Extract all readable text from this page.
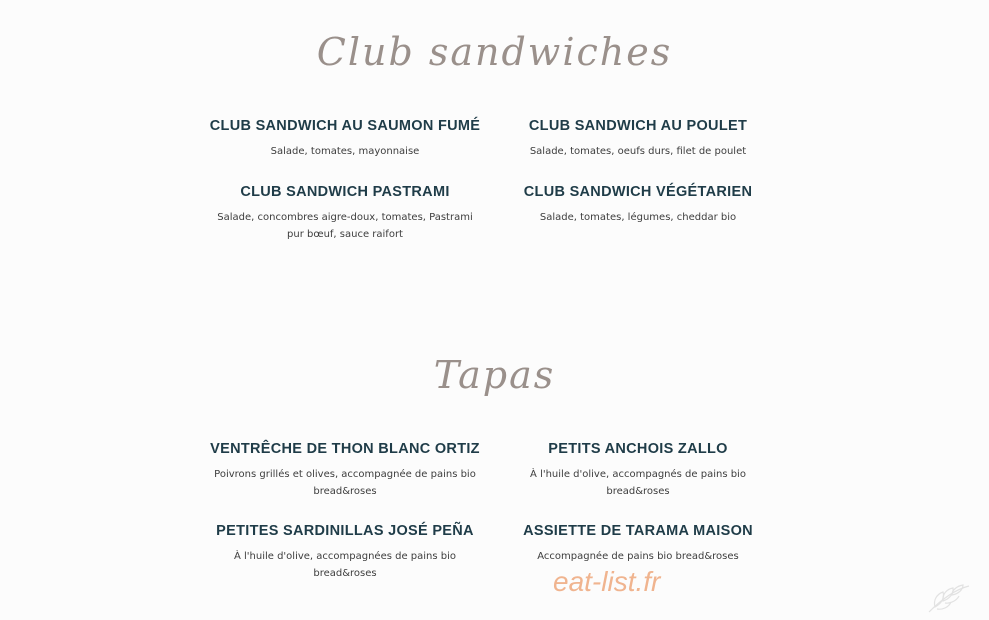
Club sandwiches
CLUB SANDWICH AU SAUMON FUMÉ

Salade, tomates, mayonnaise

CLUB SANDWICH AU POULET

Salade, tomates, oeufs durs, filet de poulet

CLUB SANDWICH PASTRAMI

Salade, concombres aigre-doux, tomates, Pastrami
pur bœuf, sauce raifort

CLUB SANDWICH VÉGÉTARIEN

Salade, tomates, légumes, cheddar bio

Tapas
VENTRÊCHE DE THON BLANC ORTIZ

Poivrons grillés et olives, accompagnée de pains bio
bread&roses

PETITS ANCHOIS ZALLO

À l'huile d'olive, accompagnés de pains bio
bread&roses

PETITES SARDINILLAS JOSÉ PEÑA

À l'huile d'olive, accompagnées de pains bio
bread&roses

ASSIETTE DE TARAMA MAISON

Accompagnée de pains bio bread&roses

eat-list.fr
